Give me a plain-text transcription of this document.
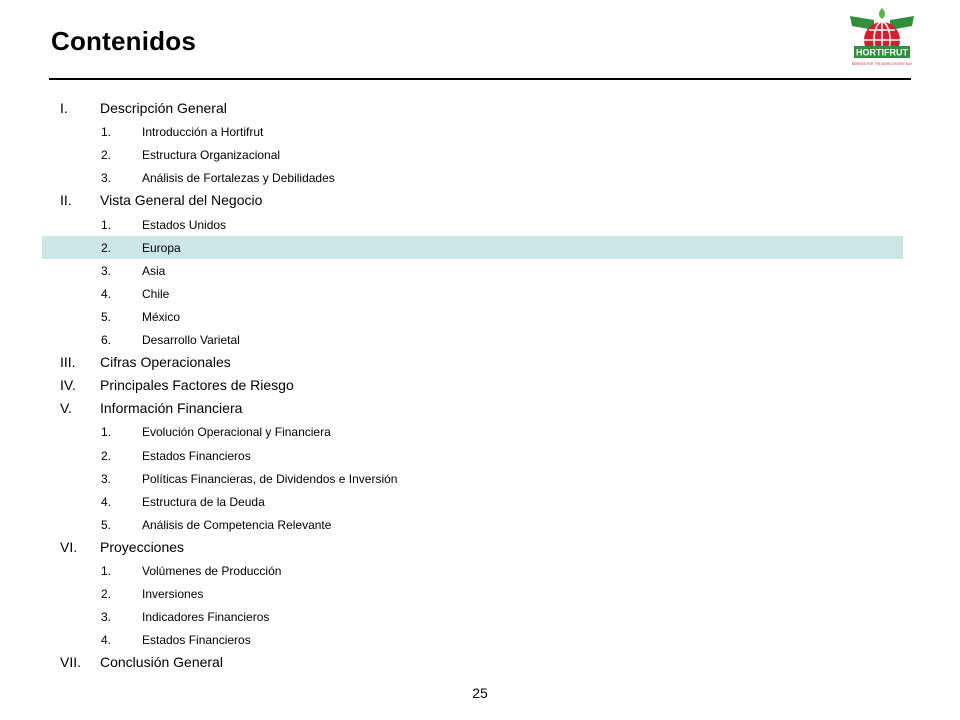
Contenidos	HORTIFRUT
BERRIES FOR THE WORLD EVERY DAY
I. Descripción General
1.	Introducción a Hortifrut
2.	Estructura Organizacional
3.	Análisis de Fortalezas y Debilidades
II. Vista General del Negocio
1.	Estados Unidos
2.	Europa
3.	Asia
4.	Chile
5.	México
6.	Desarrollo Varietal
III. Cifras Operacionales
IV. Principales Factores de Riesgo
V. Información Financiera
1.	Evolución Operacional y Financiera
2.	Estados Financieros
3.	Políticas Financieras, de Dividendos e Inversión
4.	Estructura de la Deuda
5.	Análisis de Competencia Relevante
VI. Proyecciones
1.	Volúmenes de Producción
2.	Inversiones
3.	Indicadores Financieros
4.	Estados Financieros
VII. Conclusión General
25
